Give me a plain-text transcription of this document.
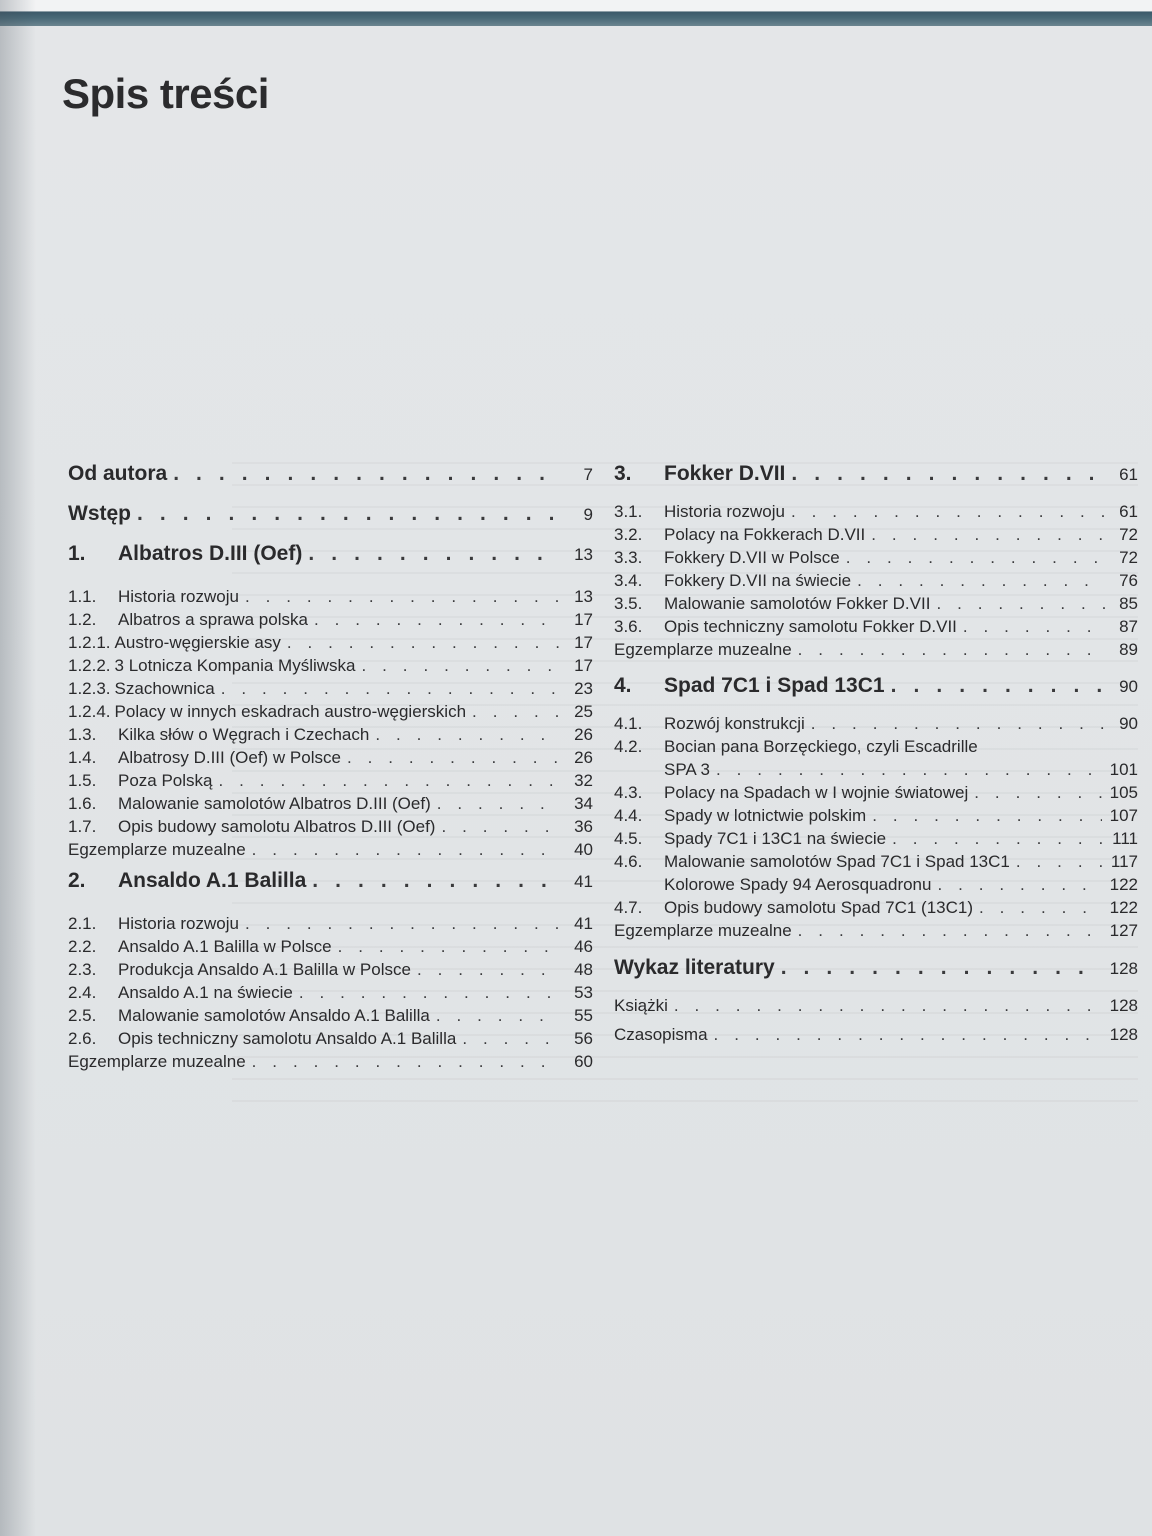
Spis treści
Od autora . . .	7
Wstęp . . .	9
1.	Albatros D.III (Oef) . . .	13
1.1.	Historia rozwoju . . .	13
1.2.	Albatros a sprawa polska . . .	17
1.2.1. Austro-węgierskie asy . . .	17
1.2.2. 3 Lotnicza Kompania Myśliwska . . .	17
1.2.3. Szachownica . . .	23
1.2.4. Polacy w innych eskadrach austro-węgierskich . . .	25
1.3.	Kilka słów o Węgrach i Czechach . . .	26
1.4.	Albatrosy D.III (Oef) w Polsce . . .	26
1.5.	Poza Polską . . .	32
1.6.	Malowanie samolotów Albatros D.III (Oef) . . .	34
1.7.	Opis budowy samolotu Albatros D.III (Oef) . . .	36
Egzemplarze muzealne . . .	40
2.	Ansaldo A.1 Balilla . . .	41
2.1.	Historia rozwoju . . .	41
2.2.	Ansaldo A.1 Balilla w Polsce . . .	46
2.3.	Produkcja Ansaldo A.1 Balilla w Polsce . . .	48
2.4.	Ansaldo A.1 na świecie . . .	53
2.5.	Malowanie samolotów Ansaldo A.1 Balilla . . .	55
2.6.	Opis techniczny samolotu Ansaldo A.1 Balilla . . .	56
Egzemplarze muzealne . . .	60
3.	Fokker D.VII . . .	61
3.1.	Historia rozwoju . . .	61
3.2.	Polacy na Fokkerach D.VII . . .	72
3.3.	Fokkery D.VII w Polsce . . .	72
3.4.	Fokkery D.VII na świecie . . .	76
3.5.	Malowanie samolotów Fokker D.VII . . .	85
3.6.	Opis techniczny samolotu Fokker D.VII . . .	87
Egzemplarze muzealne . . .	89
4.	Spad 7C1 i Spad 13C1 . . .	90
4.1.	Rozwój konstrukcji . . .	90
4.2.	Bocian pana Borzęckiego, czyli Escadrille
SPA 3 . . .	101
4.3.	Polacy na Spadach w I wojnie światowej . . .	105
4.4.	Spady w lotnictwie polskim . . .	107
4.5.	Spady 7C1 i 13C1 na świecie . . .	111
4.6.	Malowanie samolotów Spad 7C1 i Spad 13C1 . . .	117
Kolorowe Spady 94 Aerosquadronu . . .	122
4.7.	Opis budowy samolotu Spad 7C1 (13C1) . . .	122
Egzemplarze muzealne . . .	127
Wykaz literatury . . .	128
Książki . . .	128
Czasopisma . . .	128
